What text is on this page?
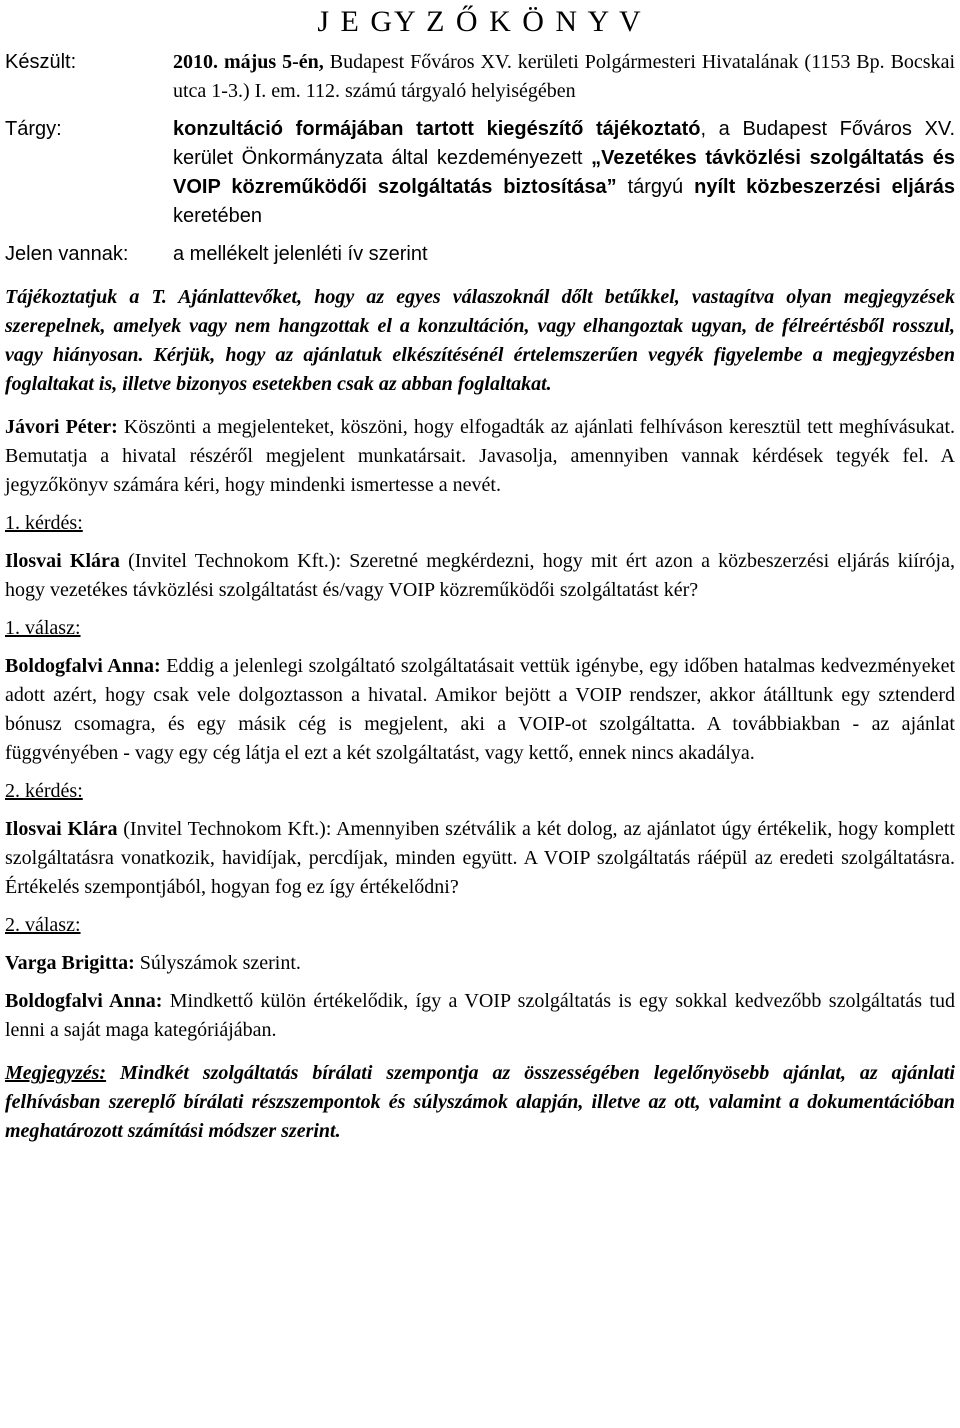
J E GY Z Ő K Ö N Y V
Készült:	2010. május 5-én, Budapest Főváros XV. kerületi Polgármesteri Hivatalának (1153 Bp. Bocskai utca 1-3.) I. em. 112. számú tárgyaló helyiségében
Tárgy:	konzultáció formájában tartott kiegészítő tájékoztató, a Budapest Főváros XV. kerület Önkormányzata által kezdeményezett „Vezetékes távközlési szolgáltatás és VOIP közreműködői szolgáltatás biztosítása” tárgyú nyílt közbeszerzési eljárás keretében
Jelen vannak:	a mellékelt jelenléti ív szerint

Tájékoztatjuk a T. Ajánlattevőket, hogy az egyes válaszoknál dőlt betűkkel, vastagítva olyan megjegyzések szerepelnek, amelyek vagy nem hangzottak el a konzultáción, vagy elhangoztak ugyan, de félreértésből rosszul, vagy hiányosan. Kérjük, hogy az ajánlatuk elkészítésénél értelemszerűen vegyék figyelembe a megjegyzésben foglaltakat is, illetve bizonyos esetekben csak az abban foglaltakat.

Jávori Péter: Köszönti a megjelenteket, köszöni, hogy elfogadták az ajánlati felhíváson keresztül tett meghívásukat. Bemutatja a hivatal részéről megjelent munkatársait. Javasolja, amennyiben vannak kérdések tegyék fel. A jegyzőkönyv számára kéri, hogy mindenki ismertesse a nevét.

1. kérdés:

Ilosvai Klára (Invitel Technokom Kft.): Szeretné megkérdezni, hogy mit ért azon a közbeszerzési eljárás kiírója, hogy vezetékes távközlési szolgáltatást és/vagy VOIP közreműködői szolgáltatást kér?

1. válasz:

Boldogfalvi Anna: Eddig a jelenlegi szolgáltató szolgáltatásait vettük igénybe, egy időben hatalmas kedvezményeket adott azért, hogy csak vele dolgoztasson a hivatal. Amikor bejött a VOIP rendszer, akkor átálltunk egy sztenderd bónusz csomagra, és egy másik cég is megjelent, aki a VOIP-ot szolgáltatta. A továbbiakban - az ajánlat függvényében - vagy egy cég látja el ezt a két szolgáltatást, vagy kettő, ennek nincs akadálya.

2. kérdés:

Ilosvai Klára (Invitel Technokom Kft.): Amennyiben szétválik a két dolog, az ajánlatot úgy értékelik, hogy komplett szolgáltatásra vonatkozik, havidíjak, percdíjak, minden együtt. A VOIP szolgáltatás ráépül az eredeti szolgáltatásra. Értékelés szempontjából, hogyan fog ez így értékelődni?

2. válasz:

Varga Brigitta: Súlyszámok szerint.

Boldogfalvi Anna: Mindkettő külön értékelődik, így a VOIP szolgáltatás is egy sokkal kedvezőbb szolgáltatás tud lenni a saját maga kategóriájában.

Megjegyzés: Mindkét szolgáltatás bírálati szempontja az összességében legelőnyösebb ajánlat, az ajánlati felhívásban szereplő bírálati részszempontok és súlyszámok alapján, illetve az ott, valamint a dokumentációban meghatározott számítási módszer szerint.
